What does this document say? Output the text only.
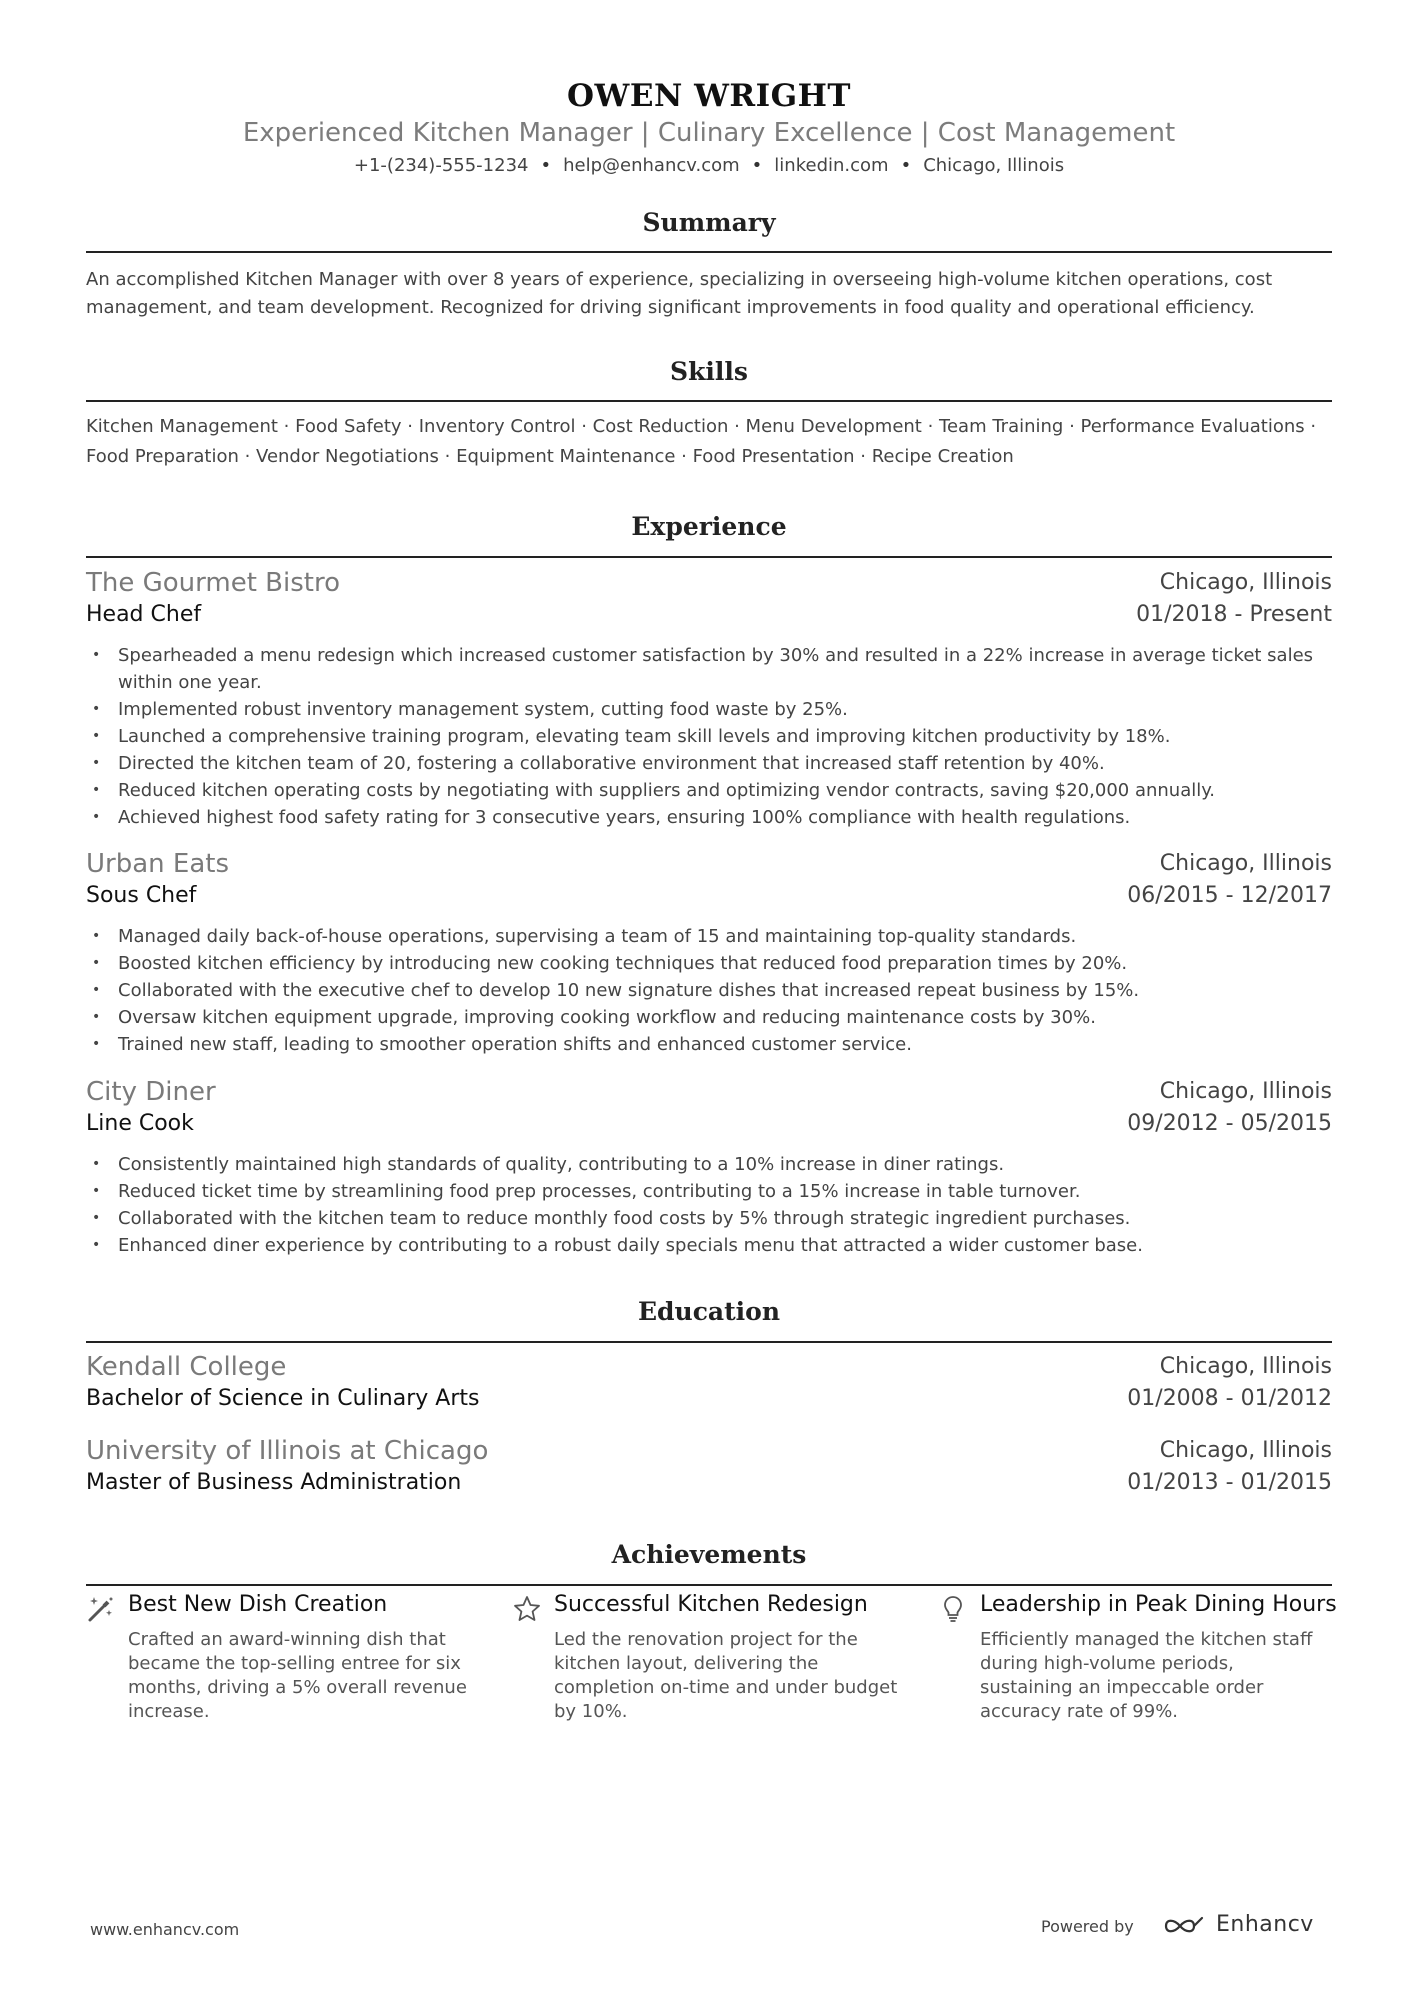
OWEN WRIGHT
Experienced Kitchen Manager | Culinary Excellence | Cost Management
+1-(234)-555-1234 • help@enhancv.com • linkedin.com • Chicago, Illinois
Summary
An accomplished Kitchen Manager with over 8 years of experience, specializing in overseeing high-volume kitchen operations, cost management, and team development. Recognized for driving significant improvements in food quality and operational efficiency.
Skills
Kitchen Management · Food Safety · Inventory Control · Cost Reduction · Menu Development · Team Training · Performance Evaluations ·
Food Preparation · Vendor Negotiations · Equipment Maintenance · Food Presentation · Recipe Creation
Experience
The Gourmet Bistro	Chicago, Illinois
Head Chef	01/2018 - Present
• Spearheaded a menu redesign which increased customer satisfaction by 30% and resulted in a 22% increase in average ticket sales within one year.
• Implemented robust inventory management system, cutting food waste by 25%.
• Launched a comprehensive training program, elevating team skill levels and improving kitchen productivity by 18%.
• Directed the kitchen team of 20, fostering a collaborative environment that increased staff retention by 40%.
• Reduced kitchen operating costs by negotiating with suppliers and optimizing vendor contracts, saving $20,000 annually.
• Achieved highest food safety rating for 3 consecutive years, ensuring 100% compliance with health regulations.
Urban Eats	Chicago, Illinois
Sous Chef	06/2015 - 12/2017
• Managed daily back-of-house operations, supervising a team of 15 and maintaining top-quality standards.
• Boosted kitchen efficiency by introducing new cooking techniques that reduced food preparation times by 20%.
• Collaborated with the executive chef to develop 10 new signature dishes that increased repeat business by 15%.
• Oversaw kitchen equipment upgrade, improving cooking workflow and reducing maintenance costs by 30%.
• Trained new staff, leading to smoother operation shifts and enhanced customer service.
City Diner	Chicago, Illinois
Line Cook	09/2012 - 05/2015
• Consistently maintained high standards of quality, contributing to a 10% increase in diner ratings.
• Reduced ticket time by streamlining food prep processes, contributing to a 15% increase in table turnover.
• Collaborated with the kitchen team to reduce monthly food costs by 5% through strategic ingredient purchases.
• Enhanced diner experience by contributing to a robust daily specials menu that attracted a wider customer base.
Education
Kendall College	Chicago, Illinois
Bachelor of Science in Culinary Arts	01/2008 - 01/2012
University of Illinois at Chicago	Chicago, Illinois
Master of Business Administration	01/2013 - 01/2015
Achievements
Best New Dish Creation
Crafted an award-winning dish that became the top-selling entree for six months, driving a 5% overall revenue increase.
Successful Kitchen Redesign
Led the renovation project for the kitchen layout, delivering the completion on-time and under budget by 10%.
Leadership in Peak Dining Hours
Efficiently managed the kitchen staff during high-volume periods, sustaining an impeccable order accuracy rate of 99%.
www.enhancv.com	Powered by	Enhancv
